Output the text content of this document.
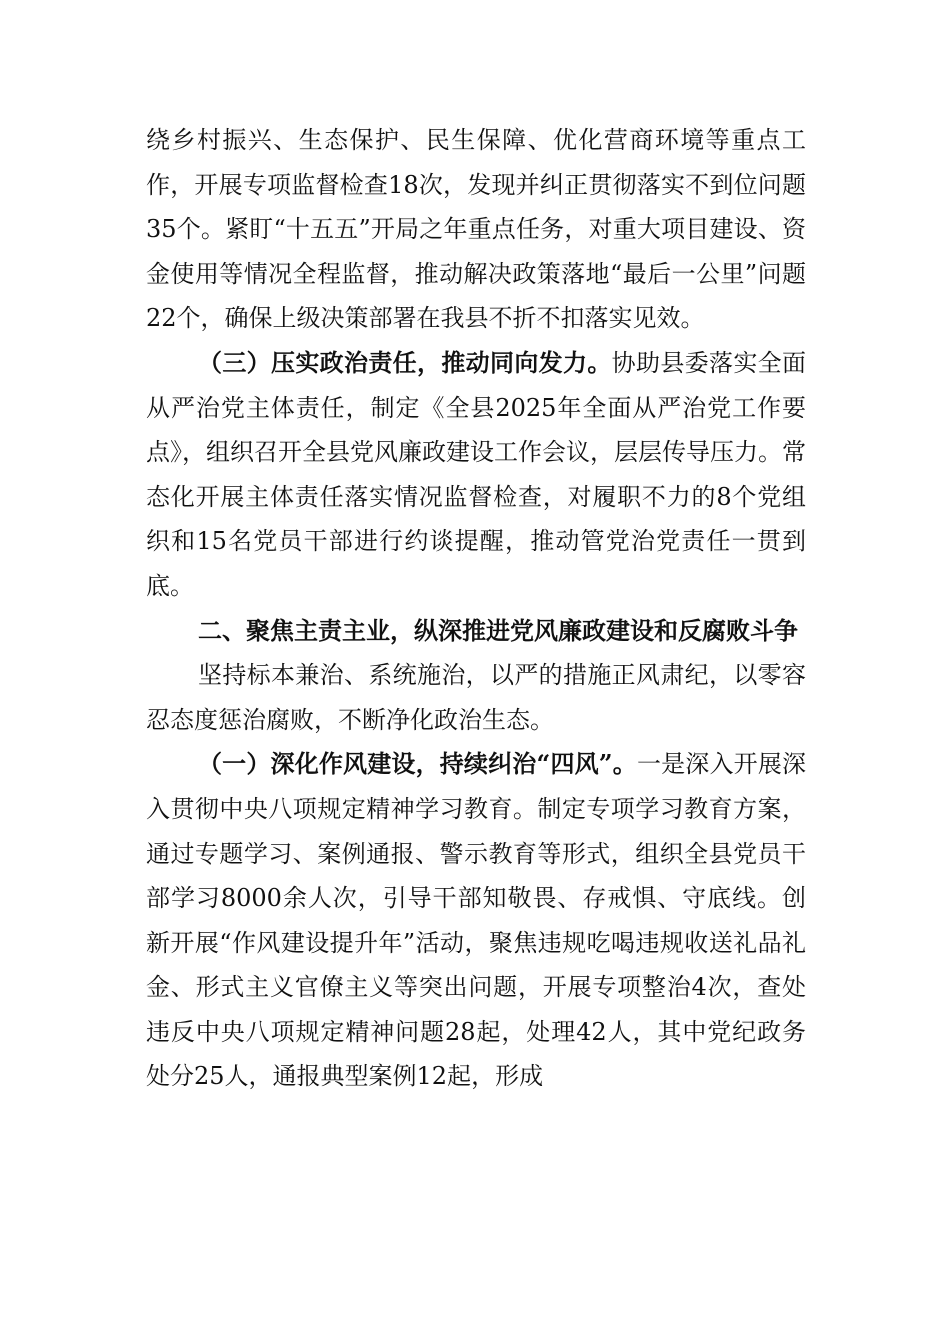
绕乡村振兴、生态保护、民生保障、优化营商环境等重点工作，开展专项监督检查18次，发现并纠正贯彻落实不到位问题35个。紧盯“十五五”开局之年重点任务，对重大项目建设、资金使用等情况全程监督，推动解决政策落地“最后一公里”问题22个，确保上级决策部署在我县不折不扣落实见效。

（三）压实政治责任，推动同向发力。协助县委落实全面从严治党主体责任，制定《全县2025年全面从严治党工作要点》，组织召开全县党风廉政建设工作会议，层层传导压力。常态化开展主体责任落实情况监督检查，对履职不力的8个党组织和15名党员干部进行约谈提醒，推动管党治党责任一贯到底。

二、聚焦主责主业，纵深推进党风廉政建设和反腐败斗争

坚持标本兼治、系统施治，以严的措施正风肃纪，以零容忍态度惩治腐败，不断净化政治生态。

（一）深化作风建设，持续纠治“四风”。一是深入开展深入贯彻中央八项规定精神学习教育。制定专项学习教育方案，通过专题学习、案例通报、警示教育等形式，组织全县党员干部学习8000余人次，引导干部知敬畏、存戒惧、守底线。创新开展“作风建设提升年”活动，聚焦违规吃喝违规收送礼品礼金、形式主义官僚主义等突出问题，开展专项整治4次，查处违反中央八项规定精神问题28起，处理42人，其中党纪政务处分25人，通报典型案例12起，形成
